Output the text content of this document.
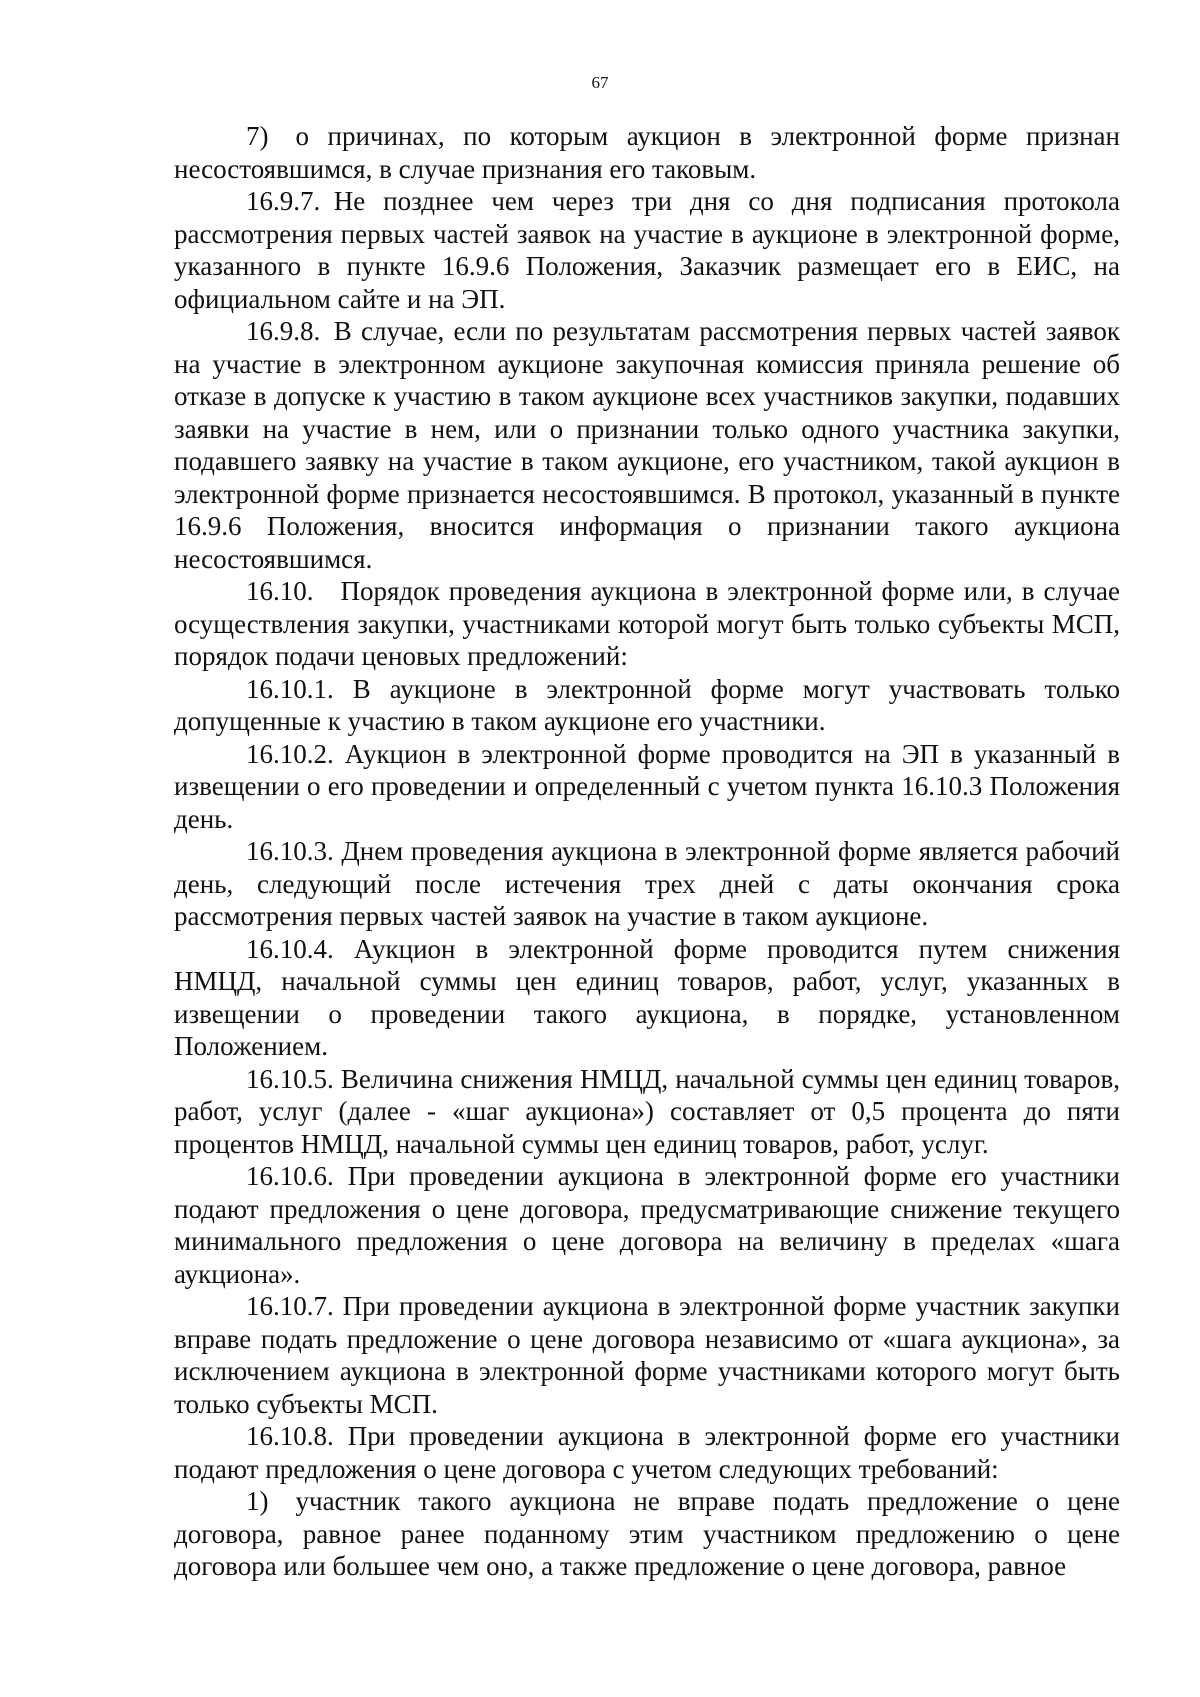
67

7) о причинах, по которым аукцион в электронной форме признан несостоявшимся, в случае признания его таковым.

16.9.7. Не позднее чем через три дня со дня подписания протокола рассмотрения первых частей заявок на участие в аукционе в электронной форме, указанного в пункте 16.9.6 Положения, Заказчик размещает его в ЕИС, на официальном сайте и на ЭП.

16.9.8. В случае, если по результатам рассмотрения первых частей заявок на участие в электронном аукционе закупочная комиссия приняла решение об отказе в допуске к участию в таком аукционе всех участников закупки, подавших заявки на участие в нем, или о признании только одного участника закупки, подавшего заявку на участие в таком аукционе, его участником, такой аукцион в электронной форме признается несостоявшимся. В протокол, указанный в пункте 16.9.6 Положения, вносится информация о признании такого аукциона несостоявшимся.

16.10. Порядок проведения аукциона в электронной форме или, в случае осуществления закупки, участниками которой могут быть только субъекты МСП, порядок подачи ценовых предложений:

16.10.1. В аукционе в электронной форме могут участвовать только допущенные к участию в таком аукционе его участники.

16.10.2. Аукцион в электронной форме проводится на ЭП в указанный в извещении о его проведении и определенный с учетом пункта 16.10.3 Положения день.

16.10.3. Днем проведения аукциона в электронной форме является рабочий день, следующий после истечения трех дней с даты окончания срока рассмотрения первых частей заявок на участие в таком аукционе.

16.10.4. Аукцион в электронной форме проводится путем снижения НМЦД, начальной суммы цен единиц товаров, работ, услуг, указанных в извещении о проведении такого аукциона, в порядке, установленном Положением.

16.10.5. Величина снижения НМЦД, начальной суммы цен единиц товаров, работ, услуг (далее - «шаг аукциона») составляет от 0,5 процента до пяти процентов НМЦД, начальной суммы цен единиц товаров, работ, услуг.

16.10.6. При проведении аукциона в электронной форме его участники подают предложения о цене договора, предусматривающие снижение текущего минимального предложения о цене договора на величину в пределах «шага аукциона».

16.10.7. При проведении аукциона в электронной форме участник закупки вправе подать предложение о цене договора независимо от «шага аукциона», за исключением аукциона в электронной форме участниками которого могут быть только субъекты МСП.

16.10.8. При проведении аукциона в электронной форме его участники подают предложения о цене договора с учетом следующих требований:

1) участник такого аукциона не вправе подать предложение о цене договора, равное ранее поданному этим участником предложению о цене договора или большее чем оно, а также предложение о цене договора, равное
